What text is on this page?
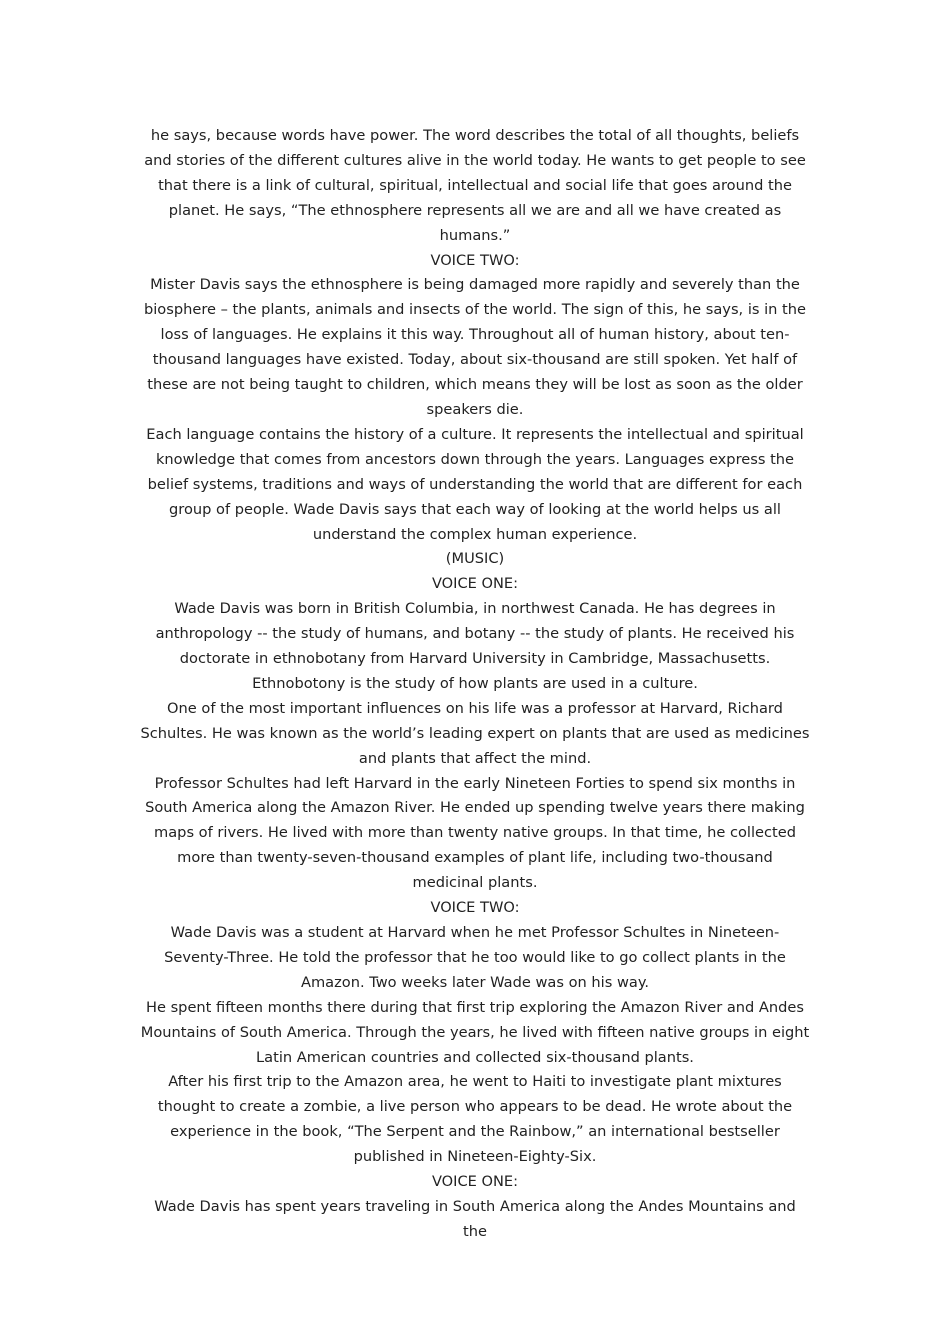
he says, because words have power. The word describes the total of all thoughts, beliefs and stories of the different cultures alive in the world today. He wants to get people to see that there is a link of cultural, spiritual, intellectual and social life that goes around the planet. He says, “The ethnosphere represents all we are and all we have created as humans.”

VOICE TWO:

Mister Davis says the ethnosphere is being damaged more rapidly and severely than the biosphere – the plants, animals and insects of the world. The sign of this, he says, is in the loss of languages. He explains it this way. Throughout all of human history, about ten-thousand languages have existed. Today, about six-thousand are still spoken. Yet half of these are not being taught to children, which means they will be lost as soon as the older speakers die.

Each language contains the history of a culture. It represents the intellectual and spiritual knowledge that comes from ancestors down through the years. Languages express the belief systems, traditions and ways of understanding the world that are different for each group of people. Wade Davis says that each way of looking at the world helps us all understand the complex human experience.

(MUSIC)

VOICE ONE:

Wade Davis was born in British Columbia, in northwest Canada. He has degrees in anthropology -- the study of humans, and botany -- the study of plants. He received his doctorate in ethnobotany from Harvard University in Cambridge, Massachusetts. Ethnobotony is the study of how plants are used in a culture.

One of the most important influences on his life was a professor at Harvard, Richard Schultes. He was known as the world’s leading expert on plants that are used as medicines and plants that affect the mind.

Professor Schultes had left Harvard in the early Nineteen Forties to spend six months in South America along the Amazon River. He ended up spending twelve years there making maps of rivers. He lived with more than twenty native groups. In that time, he collected more than twenty-seven-thousand examples of plant life, including two-thousand medicinal plants.

VOICE TWO:

Wade Davis was a student at Harvard when he met Professor Schultes in Nineteen-Seventy-Three. He told the professor that he too would like to go collect plants in the Amazon. Two weeks later Wade was on his way.

He spent fifteen months there during that first trip exploring the Amazon River and Andes Mountains of South America. Through the years, he lived with fifteen native groups in eight Latin American countries and collected six-thousand plants.

After his first trip to the Amazon area, he went to Haiti to investigate plant mixtures thought to create a zombie, a live person who appears to be dead. He wrote about the experience in the book, “The Serpent and the Rainbow,” an international bestseller published in Nineteen-Eighty-Six.

VOICE ONE:

Wade Davis has spent years traveling in South America along the Andes Mountains and the
